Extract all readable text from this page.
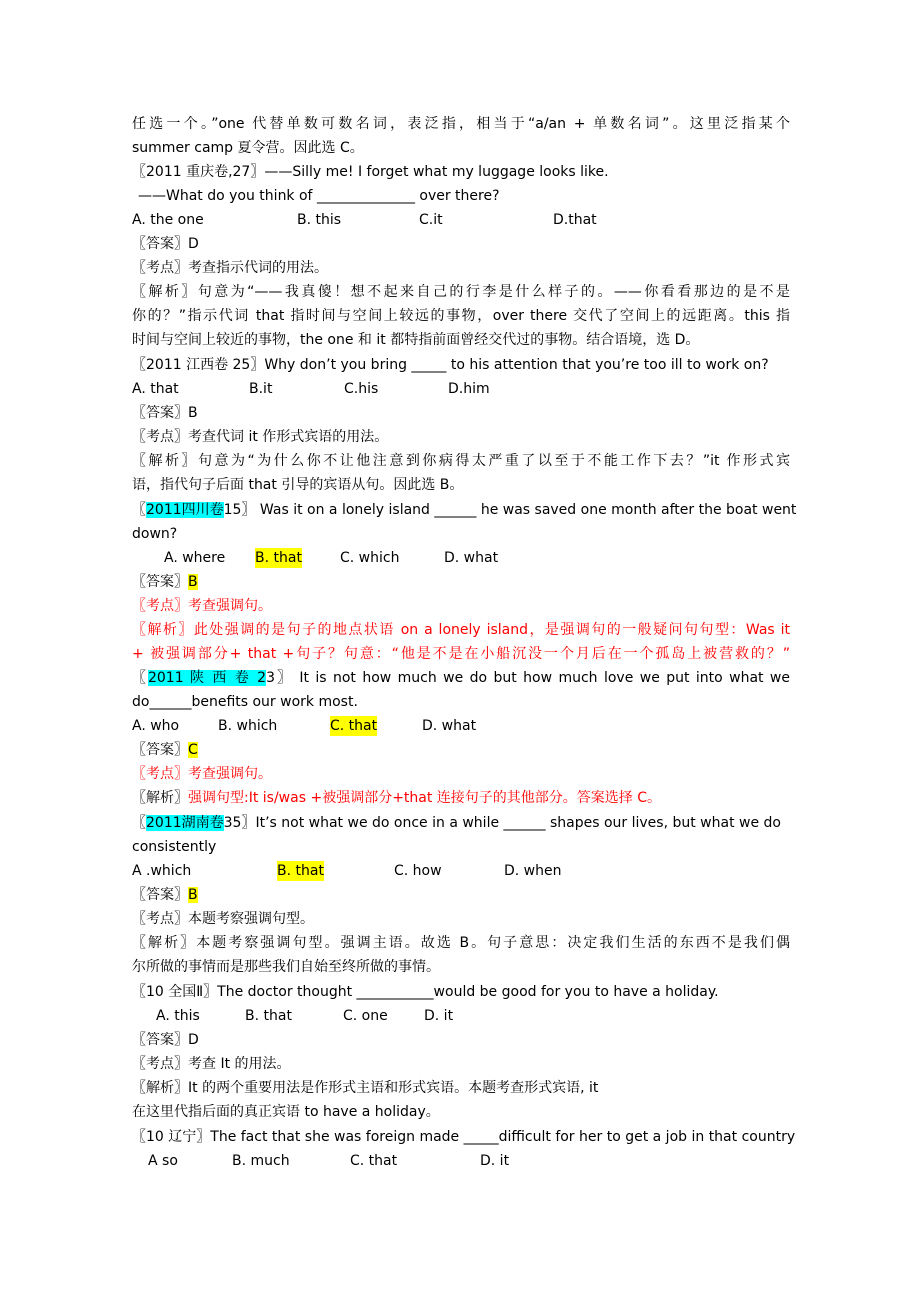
任选一个。”one 代替单数可数名词，表泛指，相当于“a/an + 单数名词”。这里泛指某个
summer camp 夏令营。因此选 C。
〖2011 重庆卷,27〗——Silly me! I forget what my luggage looks like.
——What do you think of ______________ over there?
A. the one	B. this	C.it	D.that
〖答案〗D
〖考点〗考查指示代词的用法。
〖解析〗句意为“——我真傻！想不起来自己的行李是什么样子的。——你看看那边的是不是
你的？”指示代词 that 指时间与空间上较远的事物，over there 交代了空间上的远距离。this 指
时间与空间上较近的事物，the one 和 it 都特指前面曾经交代过的事物。结合语境，选 D。
〖2011 江西卷 25〗Why don’t you bring _____ to his attention that you’re too ill to work on?
A. that	B.it	C.his	D.him
〖答案〗B
〖考点〗考查代词 it 作形式宾语的用法。
〖解析〗句意为“为什么你不让他注意到你病得太严重了以至于不能工作下去？”it 作形式宾
语，指代句子后面 that 引导的宾语从句。因此选 B。
〖2011四川卷15〗 Was it on a lonely island ______ he was saved one month after the boat went
down?
A. where B. that	C. which	D. what
〖答案〗B
〖考点〗考查强调句。
〖解析〗此处强调的是句子的地点状语 on a lonely island，是强调句的一般疑问句句型：Was it
+ 被强调部分+ that +句子？句意：“他是不是在小船沉没一个月后在一个孤岛上被营救的？”
〖2011 陕 西 卷 23〗 It is not how much we do but how much love we put into what we
do______benefits our work most.
A. who	B. which	C. that	D. what
〖答案〗C
〖考点〗考查强调句。
〖解析〗强调句型:It is/was +被强调部分+that 连接句子的其他部分。答案选择 C。
〖2011湖南卷35〗It’s not what we do once in a while ______ shapes our lives, but what we do
consistently
A .which	B. that	C. how	D. when
〖答案〗B
〖考点〗本题考察强调句型。
〖解析〗本题考察强调句型。强调主语。故选 B。句子意思：决定我们生活的东西不是我们偶
尔所做的事情而是那些我们自始至终所做的事情。
〖10 全国Ⅱ〗The doctor thought ___________would be good for you to have a holiday.
A. this	B. that	C. one	D. it
〖答案〗D
〖考点〗考查 It 的用法。
〖解析〗It 的两个重要用法是作形式主语和形式宾语。本题考查形式宾语, it
在这里代指后面的真正宾语 to have a holiday。
〖10 辽宁〗The fact that she was foreign made _____difficult for her to get a job in that country
A so	B. much	C. that	D. it
